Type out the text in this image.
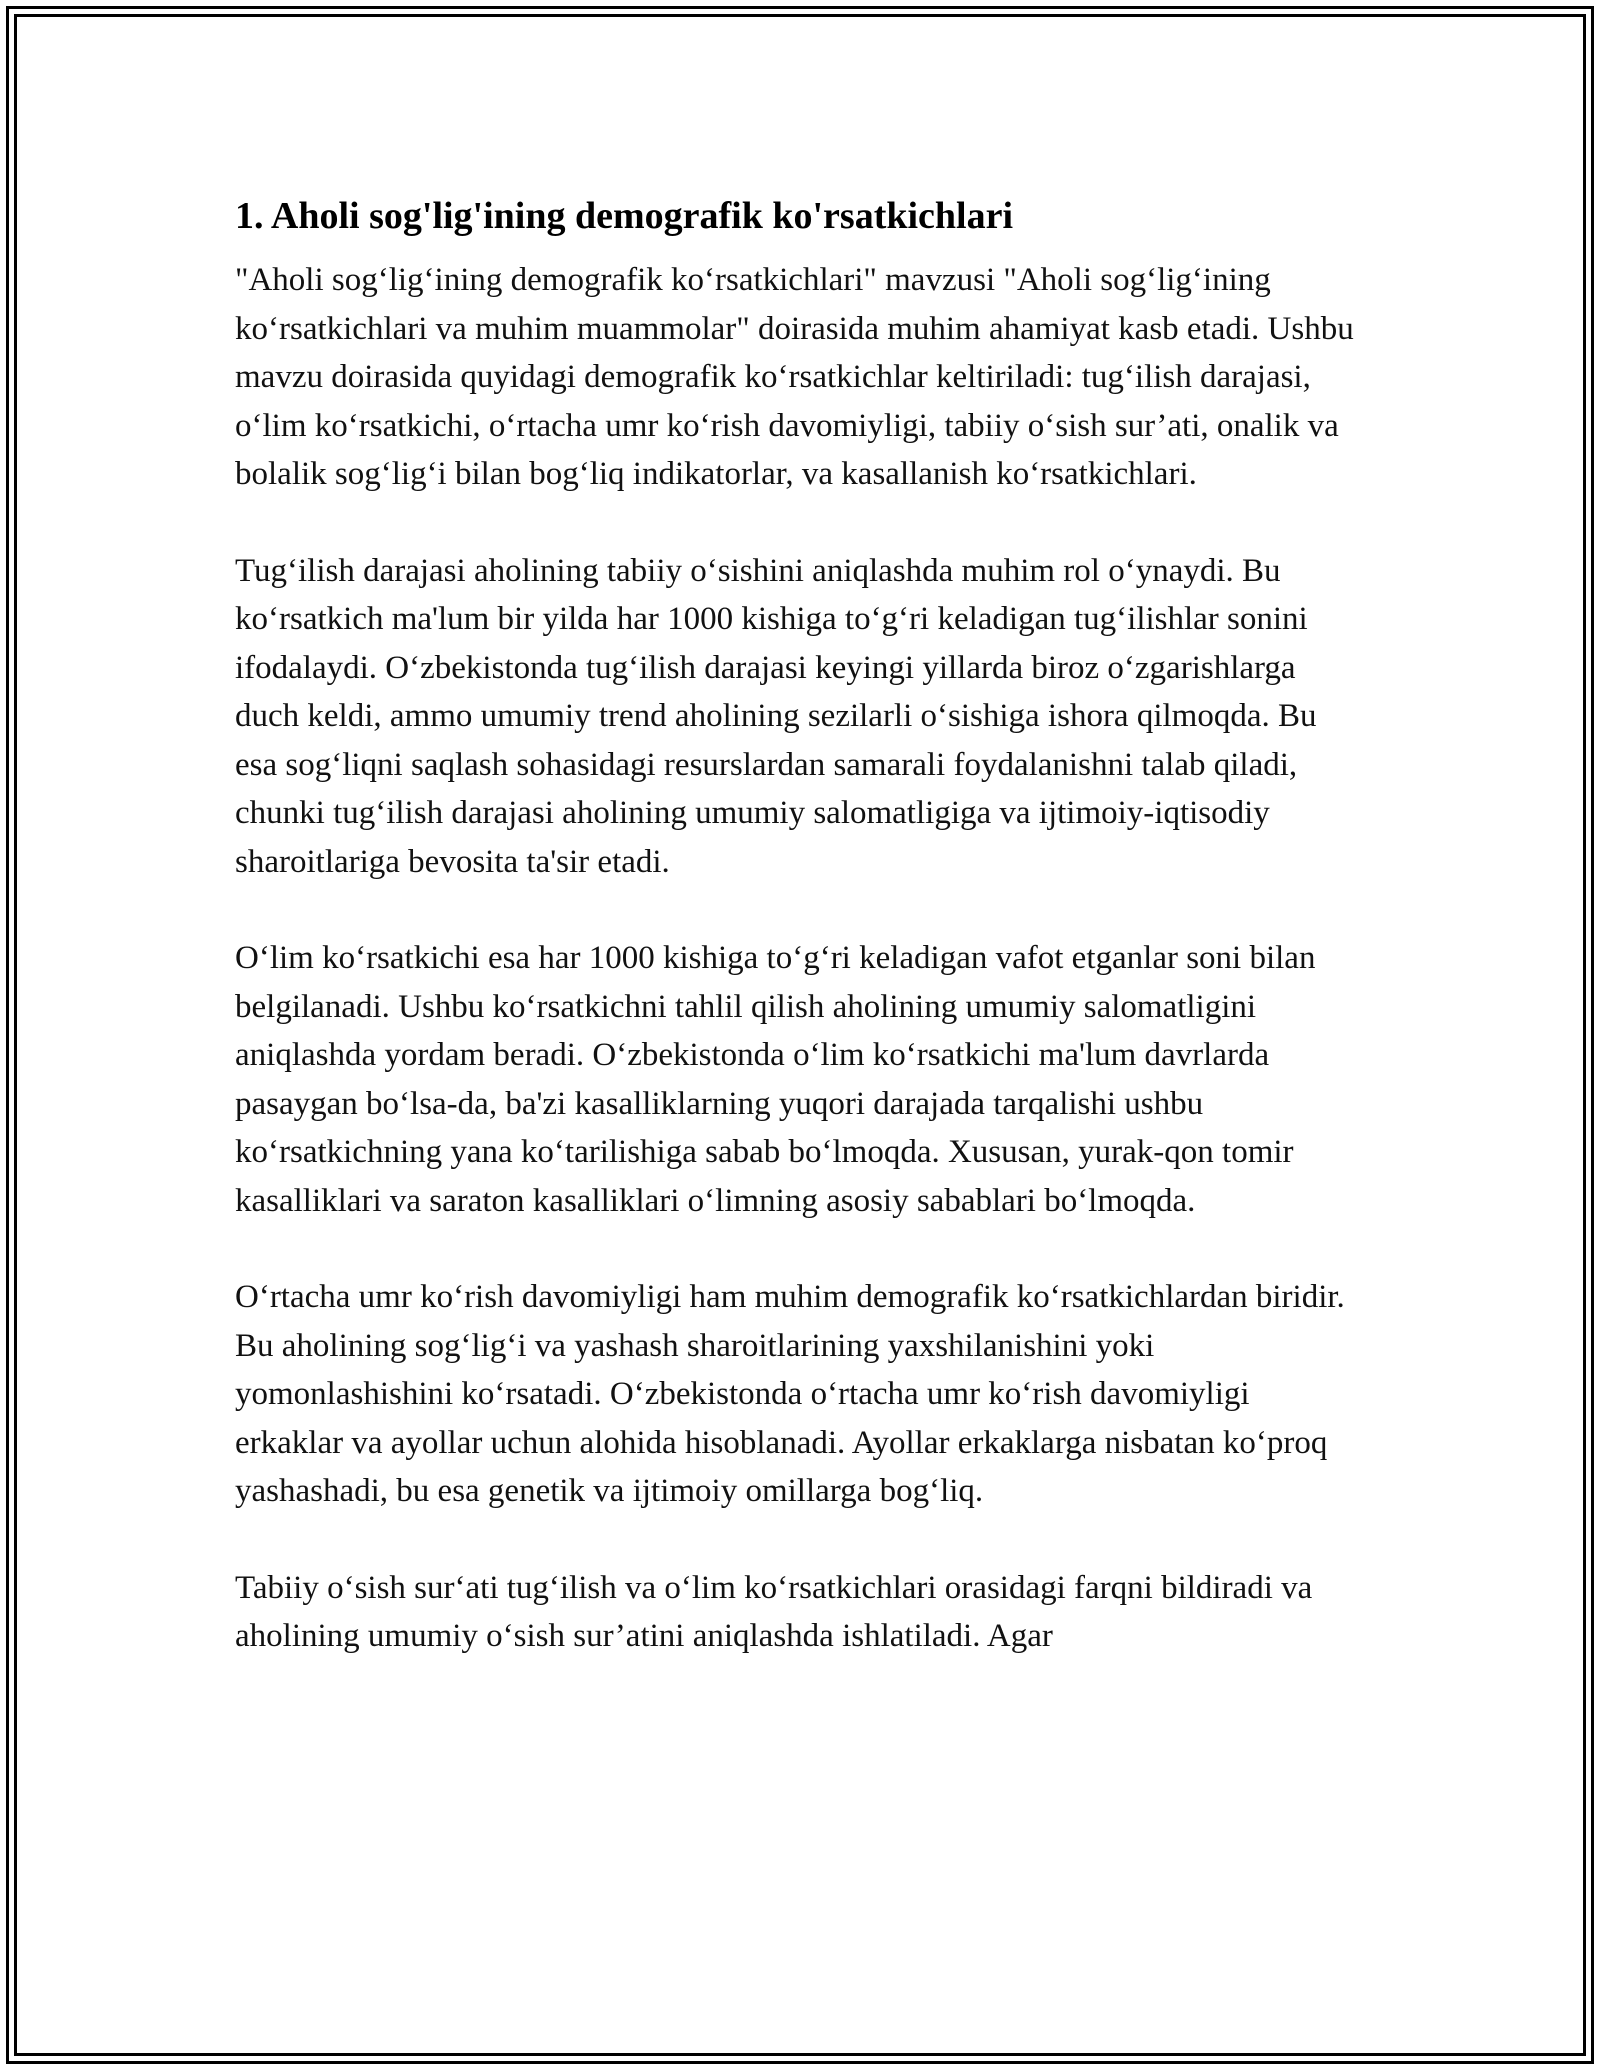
1. Aholi sog'lig'ining demografik ko'rsatkichlari

"Aholi sog‘lig‘ining demografik ko‘rsatkichlari" mavzusi "Aholi sog‘lig‘ining ko‘rsatkichlari va muhim muammolar" doirasida muhim ahamiyat kasb etadi. Ushbu mavzu doirasida quyidagi demografik ko‘rsatkichlar keltiriladi: tug‘ilish darajasi, o‘lim ko‘rsatkichi, o‘rtacha umr ko‘rish davomiyligi, tabiiy o‘sish sur’ati, onalik va bolalik sog‘lig‘i bilan bog‘liq indikatorlar, va kasallanish ko‘rsatkichlari.

Tug‘ilish darajasi aholining tabiiy o‘sishini aniqlashda muhim rol o‘ynaydi. Bu ko‘rsatkich ma'lum bir yilda har 1000 kishiga to‘g‘ri keladigan tug‘ilishlar sonini ifodalaydi. O‘zbekistonda tug‘ilish darajasi keyingi yillarda biroz o‘zgarishlarga duch keldi, ammo umumiy trend aholining sezilarli o‘sishiga ishora qilmoqda. Bu esa sog‘liqni saqlash sohasidagi resurslardan samarali foydalanishni talab qiladi, chunki tug‘ilish darajasi aholining umumiy salomatligiga va ijtimoiy-iqtisodiy sharoitlariga bevosita ta'sir etadi.

O‘lim ko‘rsatkichi esa har 1000 kishiga to‘g‘ri keladigan vafot etganlar soni bilan belgilanadi. Ushbu ko‘rsatkichni tahlil qilish aholining umumiy salomatligini aniqlashda yordam beradi. O‘zbekistonda o‘lim ko‘rsatkichi ma'lum davrlarda pasaygan bo‘lsa-da, ba'zi kasalliklarning yuqori darajada tarqalishi ushbu ko‘rsatkichning yana ko‘tarilishiga sabab bo‘lmoqda. Xususan, yurak-qon tomir kasalliklari va saraton kasalliklari o‘limning asosiy sabablari bo‘lmoqda.

O‘rtacha umr ko‘rish davomiyligi ham muhim demografik ko‘rsatkichlardan biridir. Bu aholining sog‘lig‘i va yashash sharoitlarining yaxshilanishini yoki yomonlashishini ko‘rsatadi. O‘zbekistonda o‘rtacha umr ko‘rish davomiyligi erkaklar va ayollar uchun alohida hisoblanadi. Ayollar erkaklarga nisbatan ko‘proq yashashadi, bu esa genetik va ijtimoiy omillarga bog‘liq.

Tabiiy o‘sish sur‘ati tug‘ilish va o‘lim ko‘rsatkichlari orasidagi farqni bildiradi va aholining umumiy o‘sish sur’atini aniqlashda ishlatiladi. Agar
